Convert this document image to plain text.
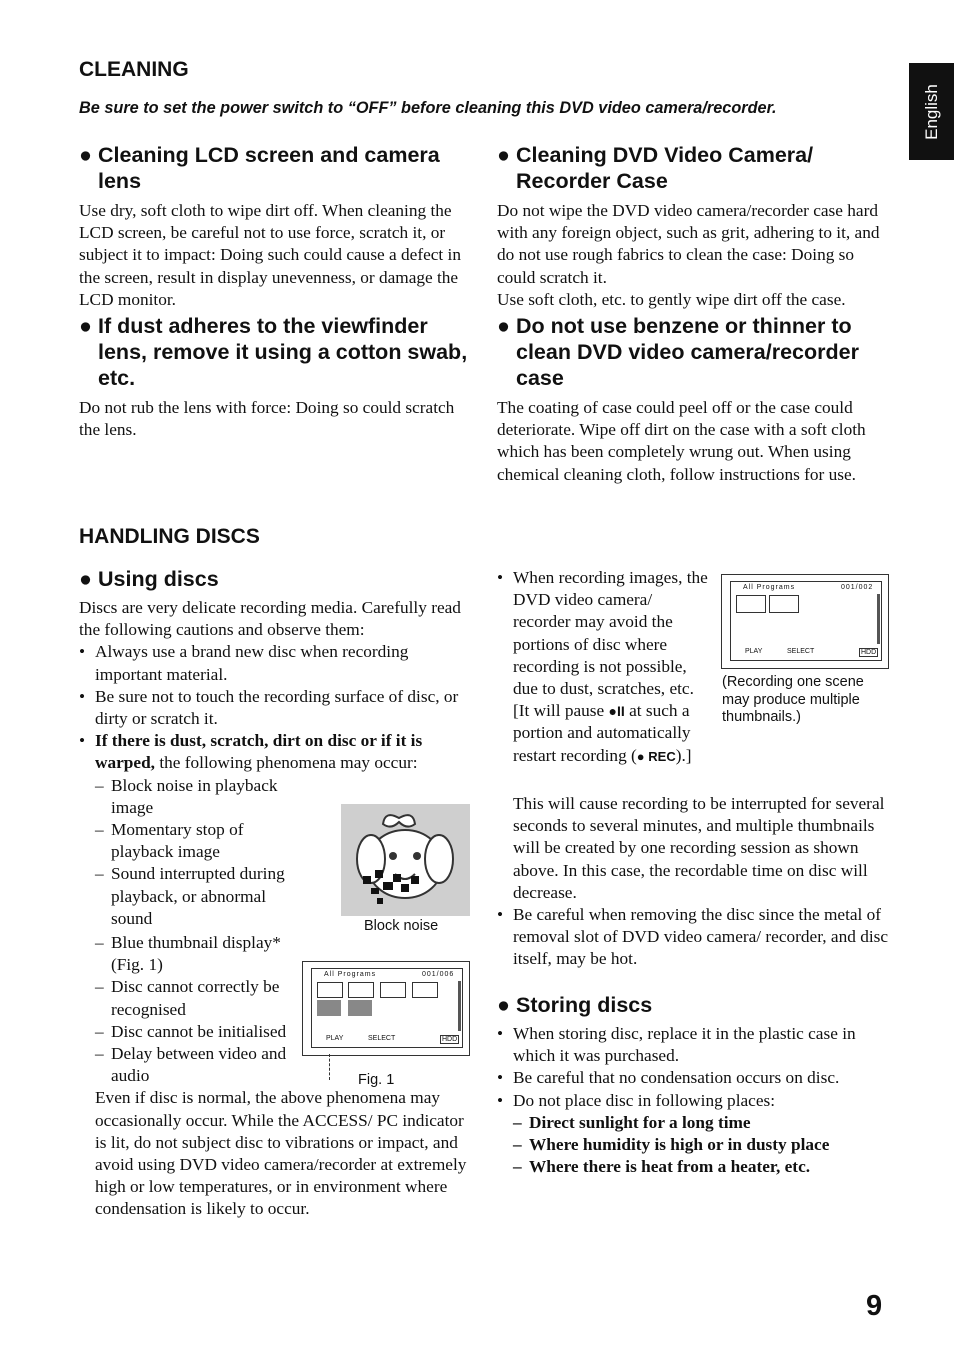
English
CLEANING
Be sure to set the power switch to “OFF” before cleaning this DVD video camera/recorder.
● Cleaning LCD screen and camera lens
Use dry, soft cloth to wipe dirt off. When cleaning the LCD screen, be careful not to use force, scratch it, or subject it to impact: Doing such could cause a defect in the screen, result in display unevenness, or damage the LCD monitor.
● If dust adheres to the viewfinder lens, remove it using a cotton swab, etc.
Do not rub the lens with force: Doing so could scratch the lens.
● Cleaning DVD Video Camera/ Recorder Case

Do not wipe the DVD video camera/recorder case hard with any foreign object, such as grit, adhering to it, and do not use rough fabrics to clean the case: Doing so could scratch it.

Use soft cloth, etc. to gently wipe dirt off the case.

● Do not use benzene or thinner to clean DVD video camera/recorder case
The coating of case could peel off or the case could deteriorate. Wipe off dirt on the case with a soft cloth which has been completely wrung out. When using chemical cleaning cloth, follow instructions for use.
HANDLING DISCS
● Using discs

Discs are very delicate recording media. Carefully read the following cautions and observe them:

• Always use a brand new disc when recording important material.
• Be sure not to touch the recording surface of disc, or dirty or scratch it.
• If there is dust, scratch, dirt on disc or if it is warped, the following phenomena may occur:
– Block noise in playback image
– Momentary stop of playback image
– Sound interrupted during playback, or abnormal sound
– Blue thumbnail display* (Fig. 1)
– Disc cannot correctly be recognised
– Disc cannot be initialised
– Delay between video and audio

Even if disc is normal, the above phenomena may occasionally occur. While the ACCESS/ PC indicator is lit, do not subject disc to vibrations or impact, and avoid using DVD video camera/recorder at extremely high or low temperatures, or in environment where condensation is likely to occur.

Block noise
All Programs	001/006
PLAY	SELECT	HDD
Fig. 1
• When recording images, the DVD video camera/ recorder may avoid the portions of disc where recording is not possible, due to dust, scratches, etc. [It will pause ●II at such a portion and automatically restart recording (● REC).]

This will cause recording to be interrupted for several seconds to several minutes, and multiple thumbnails will be created by one recording session as shown above. In this case, the recordable time on disc will decrease.

• Be careful when removing the disc since the metal of removal slot of DVD video camera/ recorder, and disc itself, may be hot.
All Programs	001/002
PLAY	SELECT	HDD
(Recording one scene may produce multiple thumbnails.)
● Storing discs
• When storing disc, replace it in the plastic case in which it was purchased.
• Be careful that no condensation occurs on disc.
• Do not place disc in following places:
– Direct sunlight for a long time
– Where humidity is high or in dusty place
– Where there is heat from a heater, etc.
9
